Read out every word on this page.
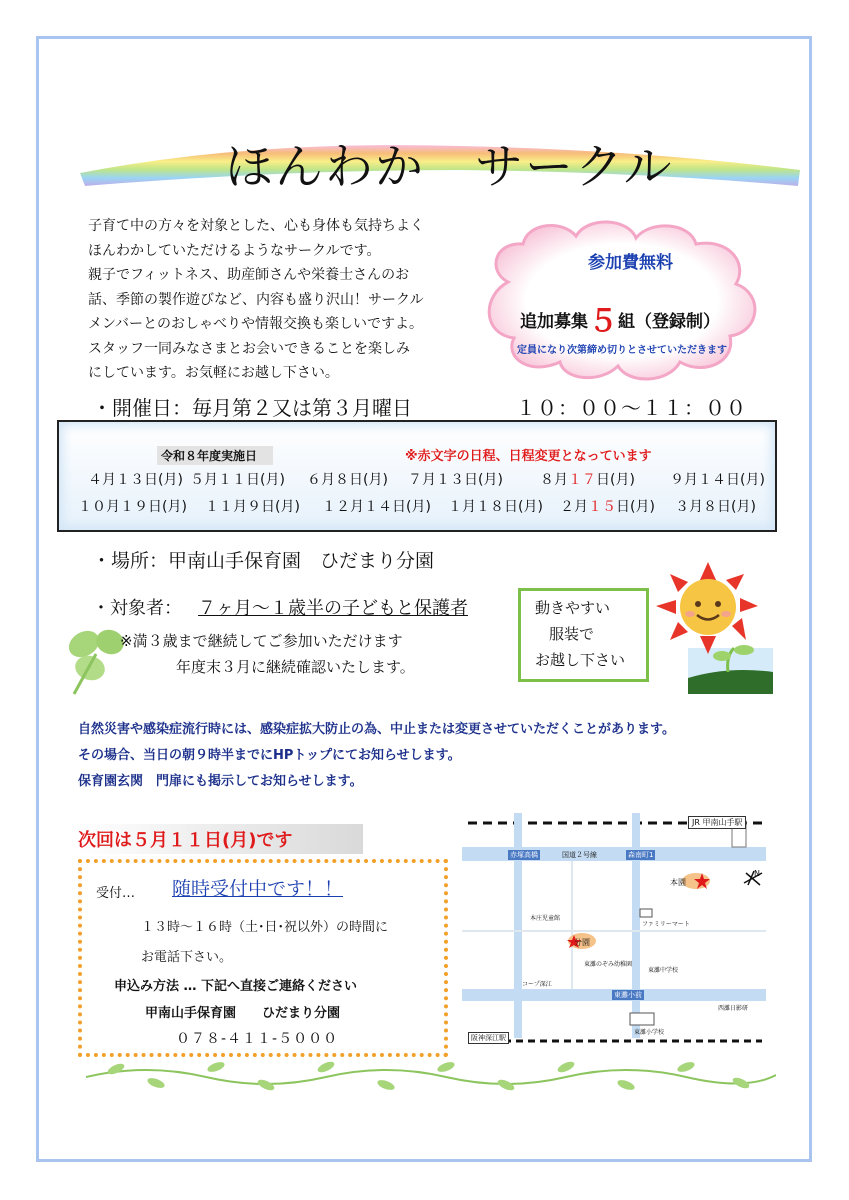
ほんわか　サークル
子育て中の方々を対象とした、心も身体も気持ちよく
ほんわかしていただけるようなサークルです。
親子でフィットネス、助産師さんや栄養士さんのお
話、季節の製作遊びなど、内容も盛り沢山！サークル
メンバーとのおしゃべりや情報交換も楽しいですよ。
スタッフ一同みなさまとお会いできることを楽しみ
にしています。お気軽にお越し下さい。
参加費無料
追加募集５組（登録制）
定員になり次第締め切りとさせていただきます
・開催日：毎月第２又は第３月曜日	１０：００～１１：００
令和８年度実施日	※赤文字の日程、日程変更となっています
４月１３日(月) ５月１１日(月) ６月８日(月) ７月１３日(月)	８月１７日(月)	９月１４日(月)
１０月１９日(月) １１月９日(月) １２月１４日(月) １月１８日(月) ２月１５日(月) ３月８日(月)
・場所：甲南山手保育園　ひだまり分園
・対象者： ７ヶ月～１歳半の子どもと保護者
※満３歳まで継続してご参加いただけます
年度末３月に継続確認いたします。
動きやすい
服装で
お越し下さい
自然災害や感染症流行時には、感染症拡大防止の為、中止または変更させていただくことがあります。
その場合、当日の朝９時半までにHPトップにてお知らせします。
保育園玄関　門扉にも掲示してお知らせします。
次回は５月１１日(月)です
受付… 随時受付中です！！
１３時～１６時（土･日･祝以外）の時間に
お電話下さい。
申込み方法 … 下記へ直接ご連絡ください
甲南山手保育園　　ひだまり分園
０７８-４１１-５０００
JR 甲南山手駅
赤塚高橋	国道２号線	森南町1
本園
分園
ファミリーマート
本庄児童館
コープ深江
東灘のぞみ幼稚園
東灘中学校
東灘小前
西灘日影研
東灘小学校
阪神深江駅
N
